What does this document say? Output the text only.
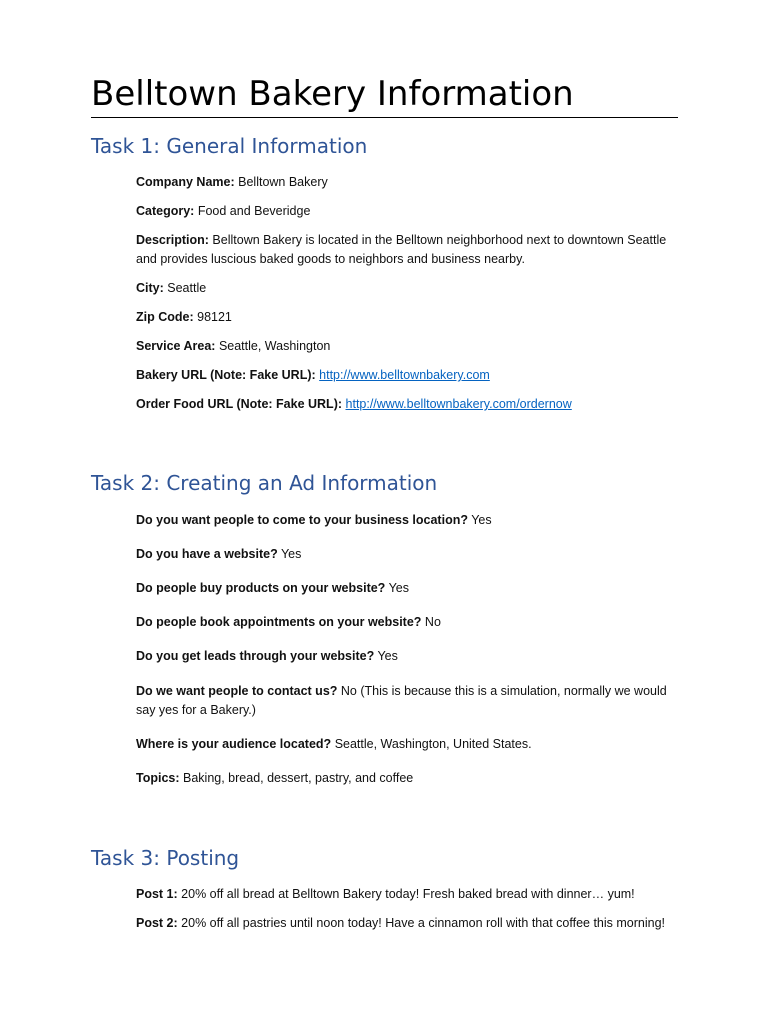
Belltown Bakery Information
Task 1: General Information

Company Name: Belltown Bakery

Category: Food and Beveridge

Description: Belltown Bakery is located in the Belltown neighborhood next to downtown Seattle and provides luscious baked goods to neighbors and business nearby.

City: Seattle

Zip Code: 98121

Service Area: Seattle, Washington

Bakery URL (Note: Fake URL): http://www.belltownbakery.com

Order Food URL (Note: Fake URL): http://www.belltownbakery.com/ordernow

Task 2: Creating an Ad Information

Do you want people to come to your business location? Yes

Do you have a website? Yes

Do people buy products on your website? Yes

Do people book appointments on your website? No

Do you get leads through your website? Yes

Do we want people to contact us? No (This is because this is a simulation, normally we would say yes for a Bakery.)

Where is your audience located? Seattle, Washington, United States.

Topics: Baking, bread, dessert, pastry, and coffee

Task 3: Posting

Post 1: 20% off all bread at Belltown Bakery today! Fresh baked bread with dinner… yum!

Post 2: 20% off all pastries until noon today! Have a cinnamon roll with that coffee this morning!
